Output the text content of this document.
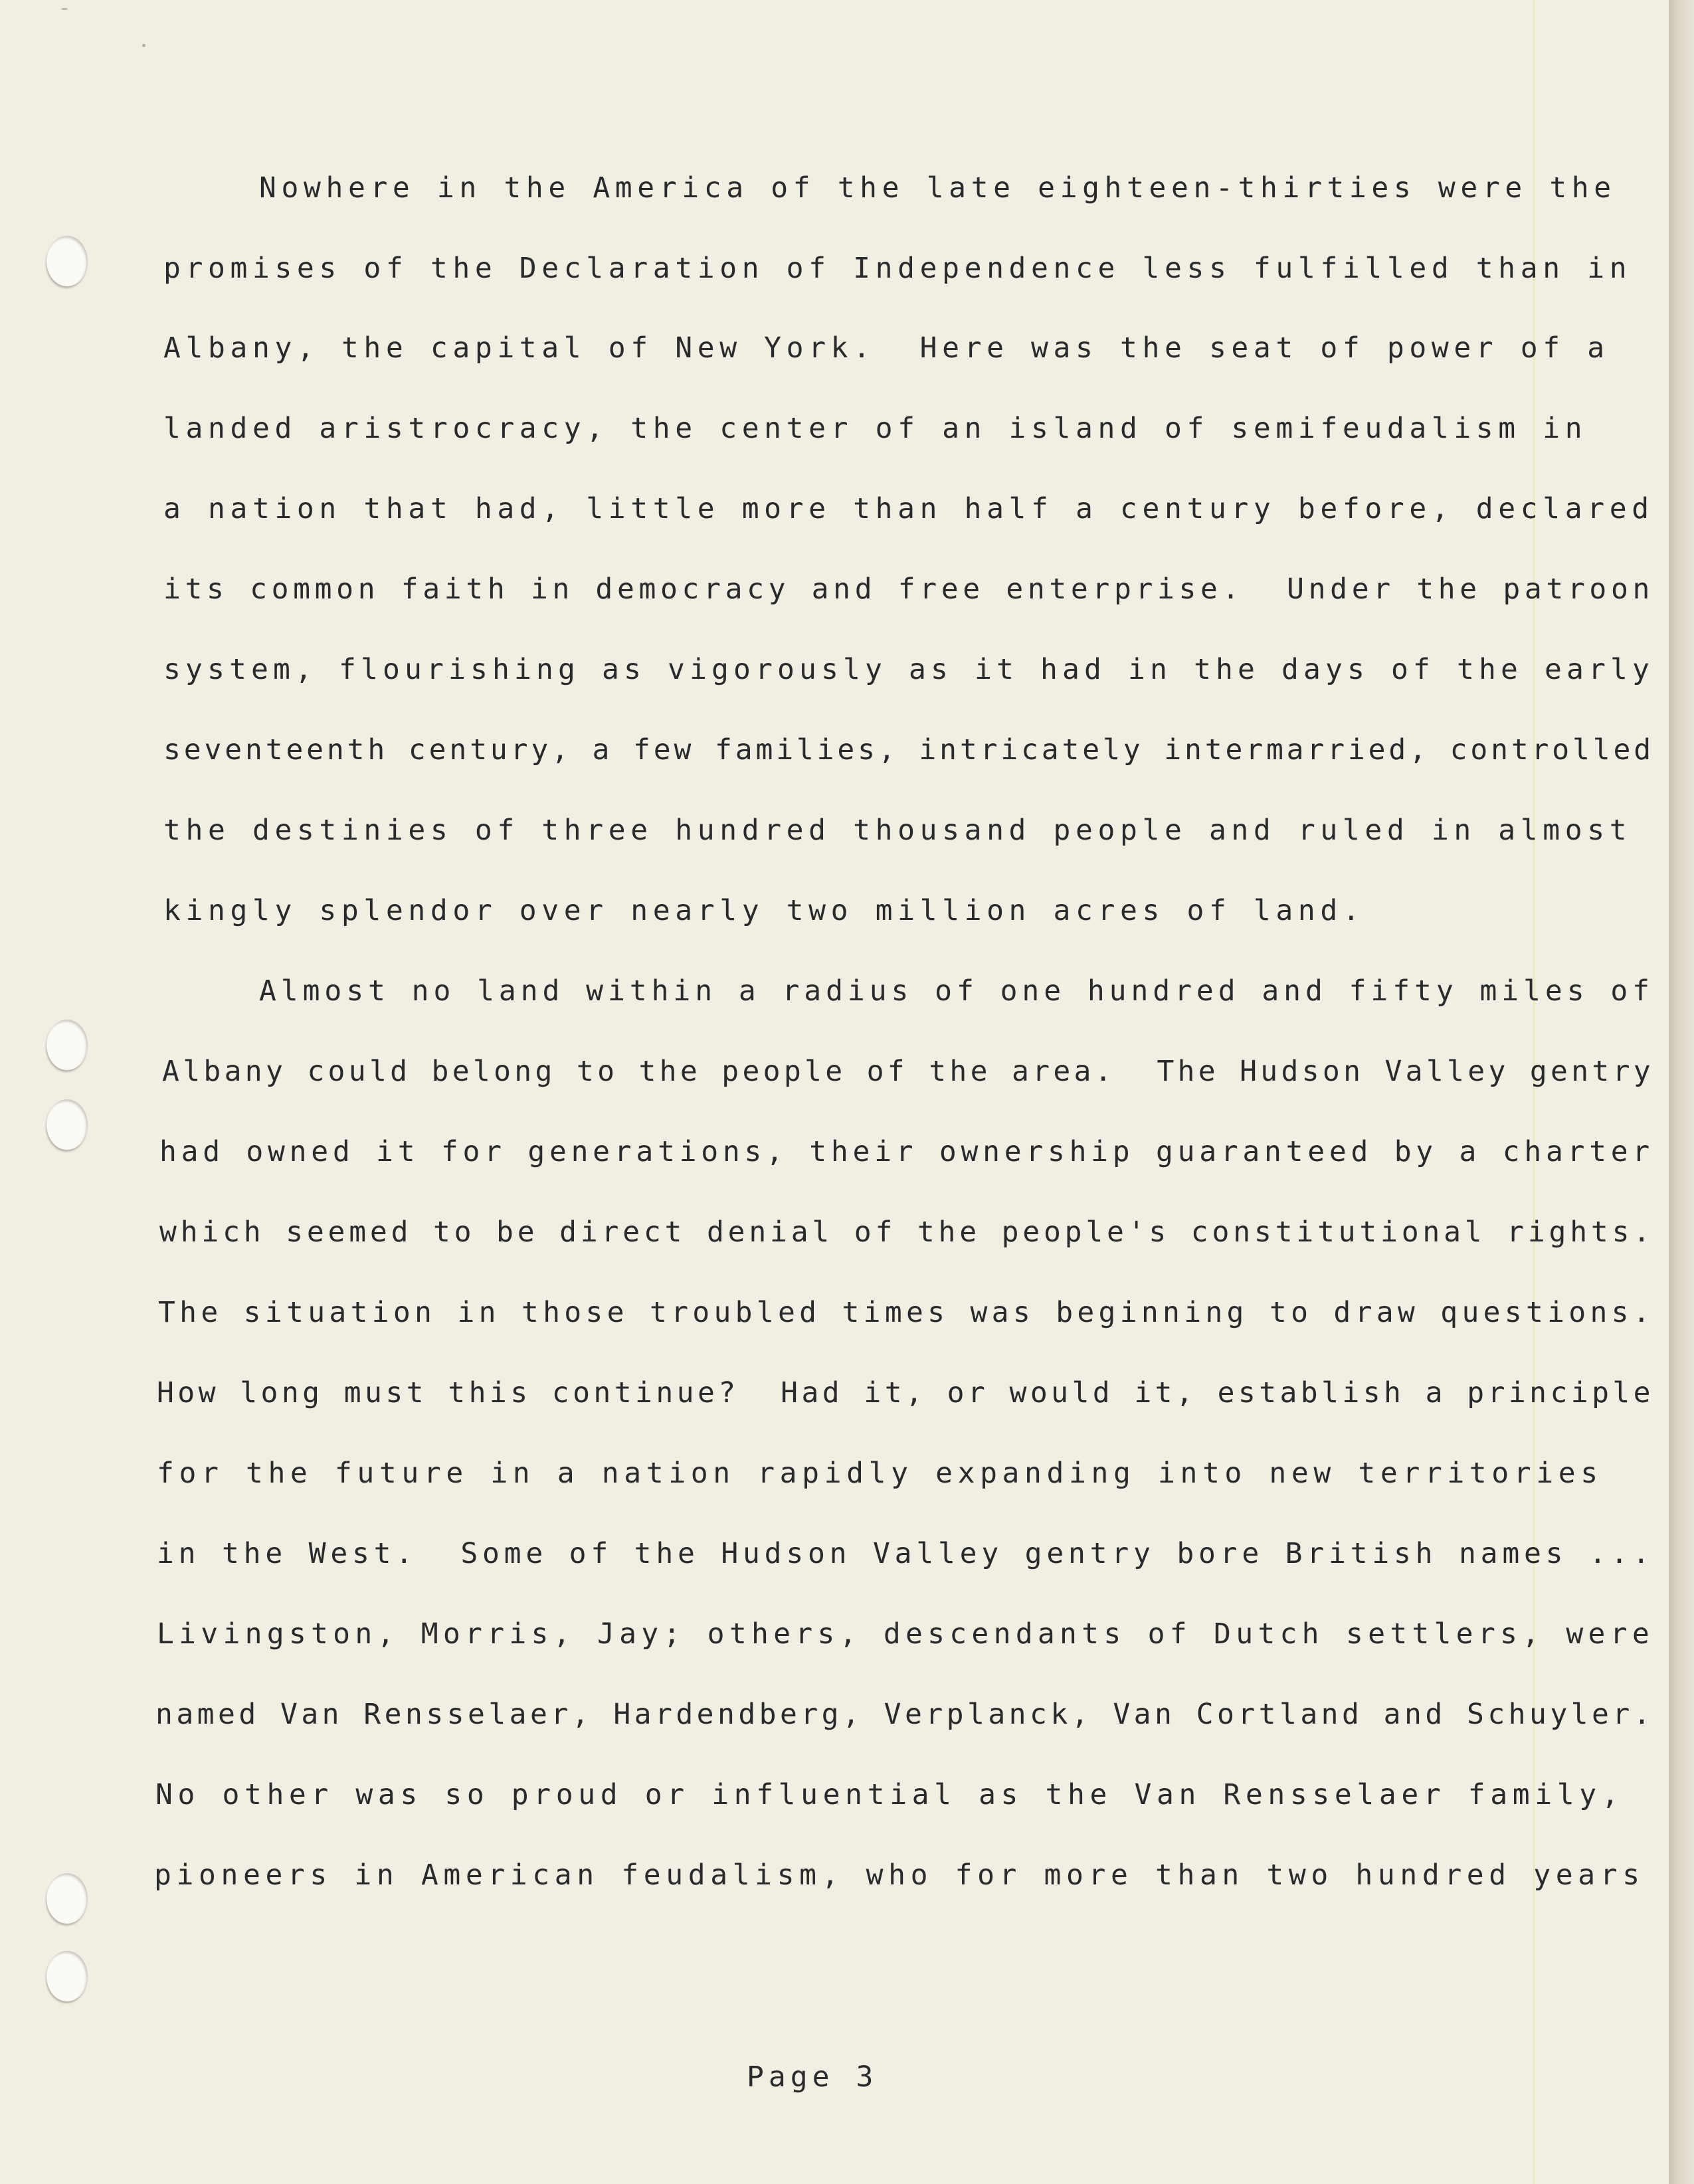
Nowhere in the America of the late eighteen-thirties were the
promises of the Declaration of Independence less fulfilled than in
Albany, the capital of New York.  Here was the seat of power of a
landed aristrocracy, the center of an island of semifeudalism in
a nation that had, little more than half a century before, declared
its common faith in democracy and free enterprise.  Under the patroon
system, flourishing as vigorously as it had in the days of the early
seventeenth century, a few families, intricately intermarried, controlled
the destinies of three hundred thousand people and ruled in almost
kingly splendor over nearly two million acres of land.
Almost no land within a radius of one hundred and fifty miles of
Albany could belong to the people of the area.  The Hudson Valley gentry
had owned it for generations, their ownership guaranteed by a charter
which seemed to be direct denial of the people's constitutional rights.
The situation in those troubled times was beginning to draw questions.
How long must this continue?  Had it, or would it, establish a principle
for the future in a nation rapidly expanding into new territories
in the West.  Some of the Hudson Valley gentry bore British names ...
Livingston, Morris, Jay; others, descendants of Dutch settlers, were
named Van Rensselaer, Hardendberg, Verplanck, Van Cortland and Schuyler.
No other was so proud or influential as the Van Rensselaer family,
pioneers in American feudalism, who for more than two hundred years
Page 3
